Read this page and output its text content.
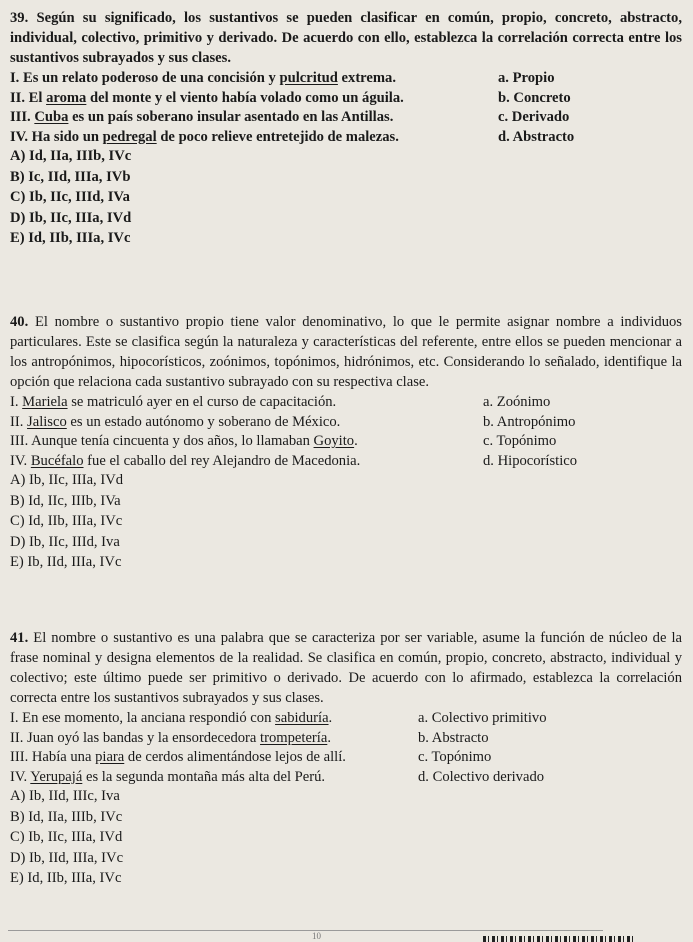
39. Según su significado, los sustantivos se pueden clasificar en común, propio, concreto, abstracto, individual, colectivo, primitivo y derivado. De acuerdo con ello, establezca la correlación correcta entre los sustantivos subrayados y sus clases.

I. Es un relato poderoso de una concisión y pulcritud extrema.	a. Propio
II. El aroma del monte y el viento había volado como un águila.	b. Concreto
III. Cuba es un país soberano insular asentado en las Antillas.	c. Derivado
IV. Ha sido un pedregal de poco relieve entretejido de malezas.	d. Abstracto
A) Id, IIa, IIIb, IVc
B) Ic, IId, IIIa, IVb
C) Ib, IIc, IIId, IVa
D) Ib, IIc, IIIa, IVd
E) Id, IIb, IIIa, IVc

40. El nombre o sustantivo propio tiene valor denominativo, lo que le permite asignar nombre a individuos particulares. Este se clasifica según la naturaleza y características del referente, entre ellos se pueden mencionar a los antropónimos, hipocorísticos, zoónimos, topónimos, hidrónimos, etc. Considerando lo señalado, identifique la opción que relaciona cada sustantivo subrayado con su respectiva clase.

I. Mariela se matriculó ayer en el curso de capacitación.	a. Zoónimo
II. Jalisco es un estado autónomo y soberano de México.	b. Antropónimo
III. Aunque tenía cincuenta y dos años, lo llamaban Goyito.	c. Topónimo
IV. Bucéfalo fue el caballo del rey Alejandro de Macedonia.	d. Hipocorístico
A) Ib, IIc, IIIa, IVd
B) Id, IIc, IIIb, IVa
C) Id, IIb, IIIa, IVc
D) Ib, IIc, IIId, Iva
E) Ib, IId, IIIa, IVc

41. El nombre o sustantivo es una palabra que se caracteriza por ser variable, asume la función de núcleo de la frase nominal y designa elementos de la realidad. Se clasifica en común, propio, concreto, abstracto, individual y colectivo; este último puede ser primitivo o derivado. De acuerdo con lo afirmado, establezca la correlación correcta entre los sustantivos subrayados y sus clases.

I. En ese momento, la anciana respondió con sabiduría.	a. Colectivo primitivo
II. Juan oyó las bandas y la ensordecedora trompetería.	b. Abstracto
III. Había una piara de cerdos alimentándose lejos de allí.	c. Topónimo
IV. Yerupajá es la segunda montaña más alta del Perú.	d. Colectivo derivado
A) Ib, IId, IIIc, Iva
B) Id, IIa, IIIb, IVc
C) Ib, IIc, IIIa, IVd
D) Ib, IId, IIIa, IVc
E) Id, IIb, IIIa, IVc
10
